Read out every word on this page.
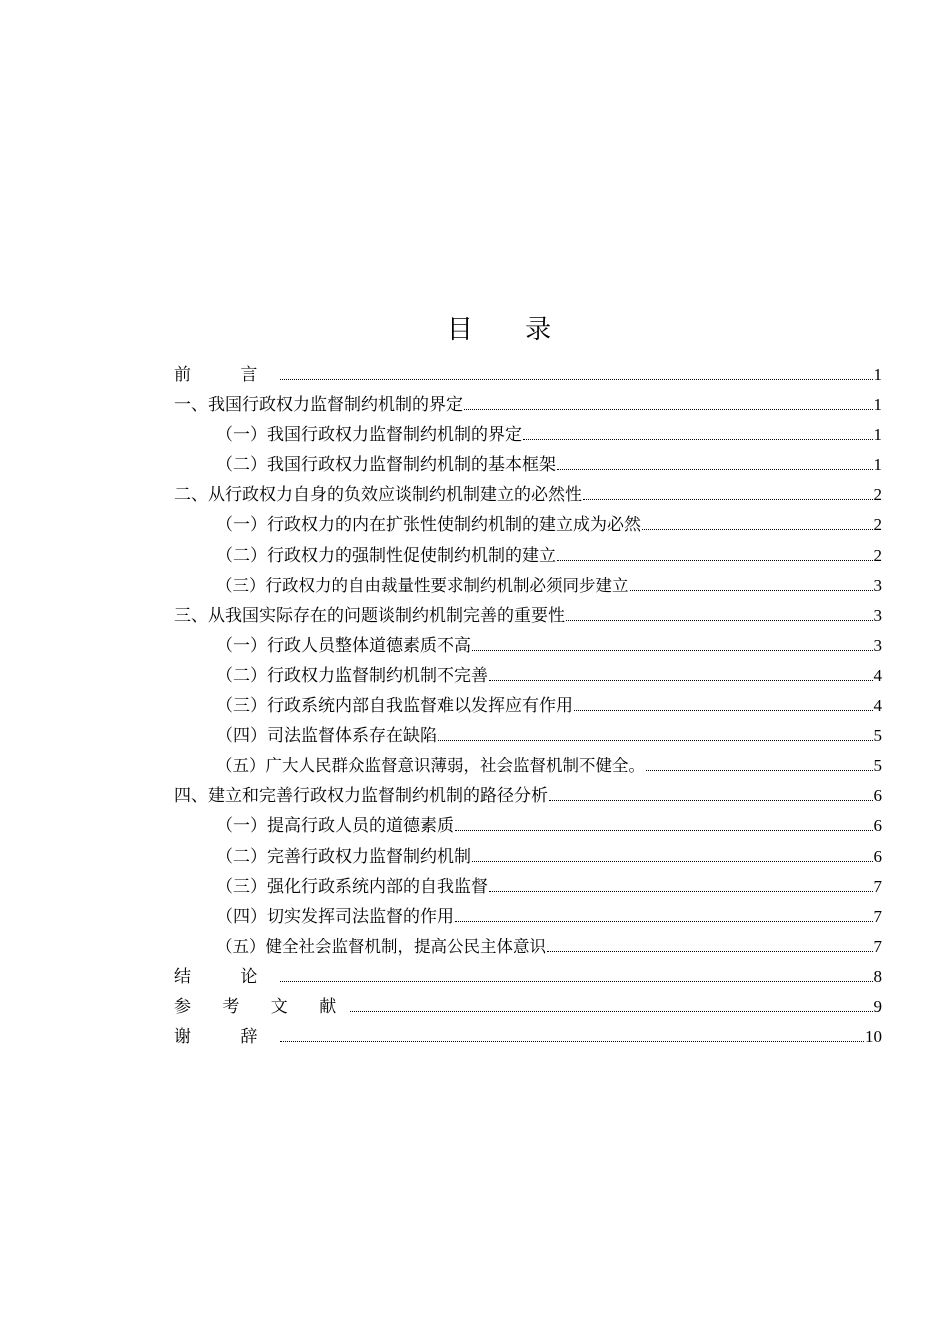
目 录
前 言	1
一、我国行政权力监督制约机制的界定	1
（一）我国行政权力监督制约机制的界定	1
（二）我国行政权力监督制约机制的基本框架	1
二、从行政权力自身的负效应谈制约机制建立的必然性	2
（一）行政权力的内在扩张性使制约机制的建立成为必然	2
（二）行政权力的强制性促使制约机制的建立	2
（三）行政权力的自由裁量性要求制约机制必须同步建立	3
三、从我国实际存在的问题谈制约机制完善的重要性	3
（一）行政人员整体道德素质不高	3
（二）行政权力监督制约机制不完善	4
（三）行政系统内部自我监督难以发挥应有作用	4
（四）司法监督体系存在缺陷	5
（五）广大人民群众监督意识薄弱，社会监督机制不健全。	5
四、建立和完善行政权力监督制约机制的路径分析	6
（一）提高行政人员的道德素质	6
（二）完善行政权力监督制约机制	6
（三）强化行政系统内部的自我监督	7
（四）切实发挥司法监督的作用	7
（五）健全社会监督机制，提高公民主体意识	7
结 论	8
参 考 文 献	9
谢 辞	10
